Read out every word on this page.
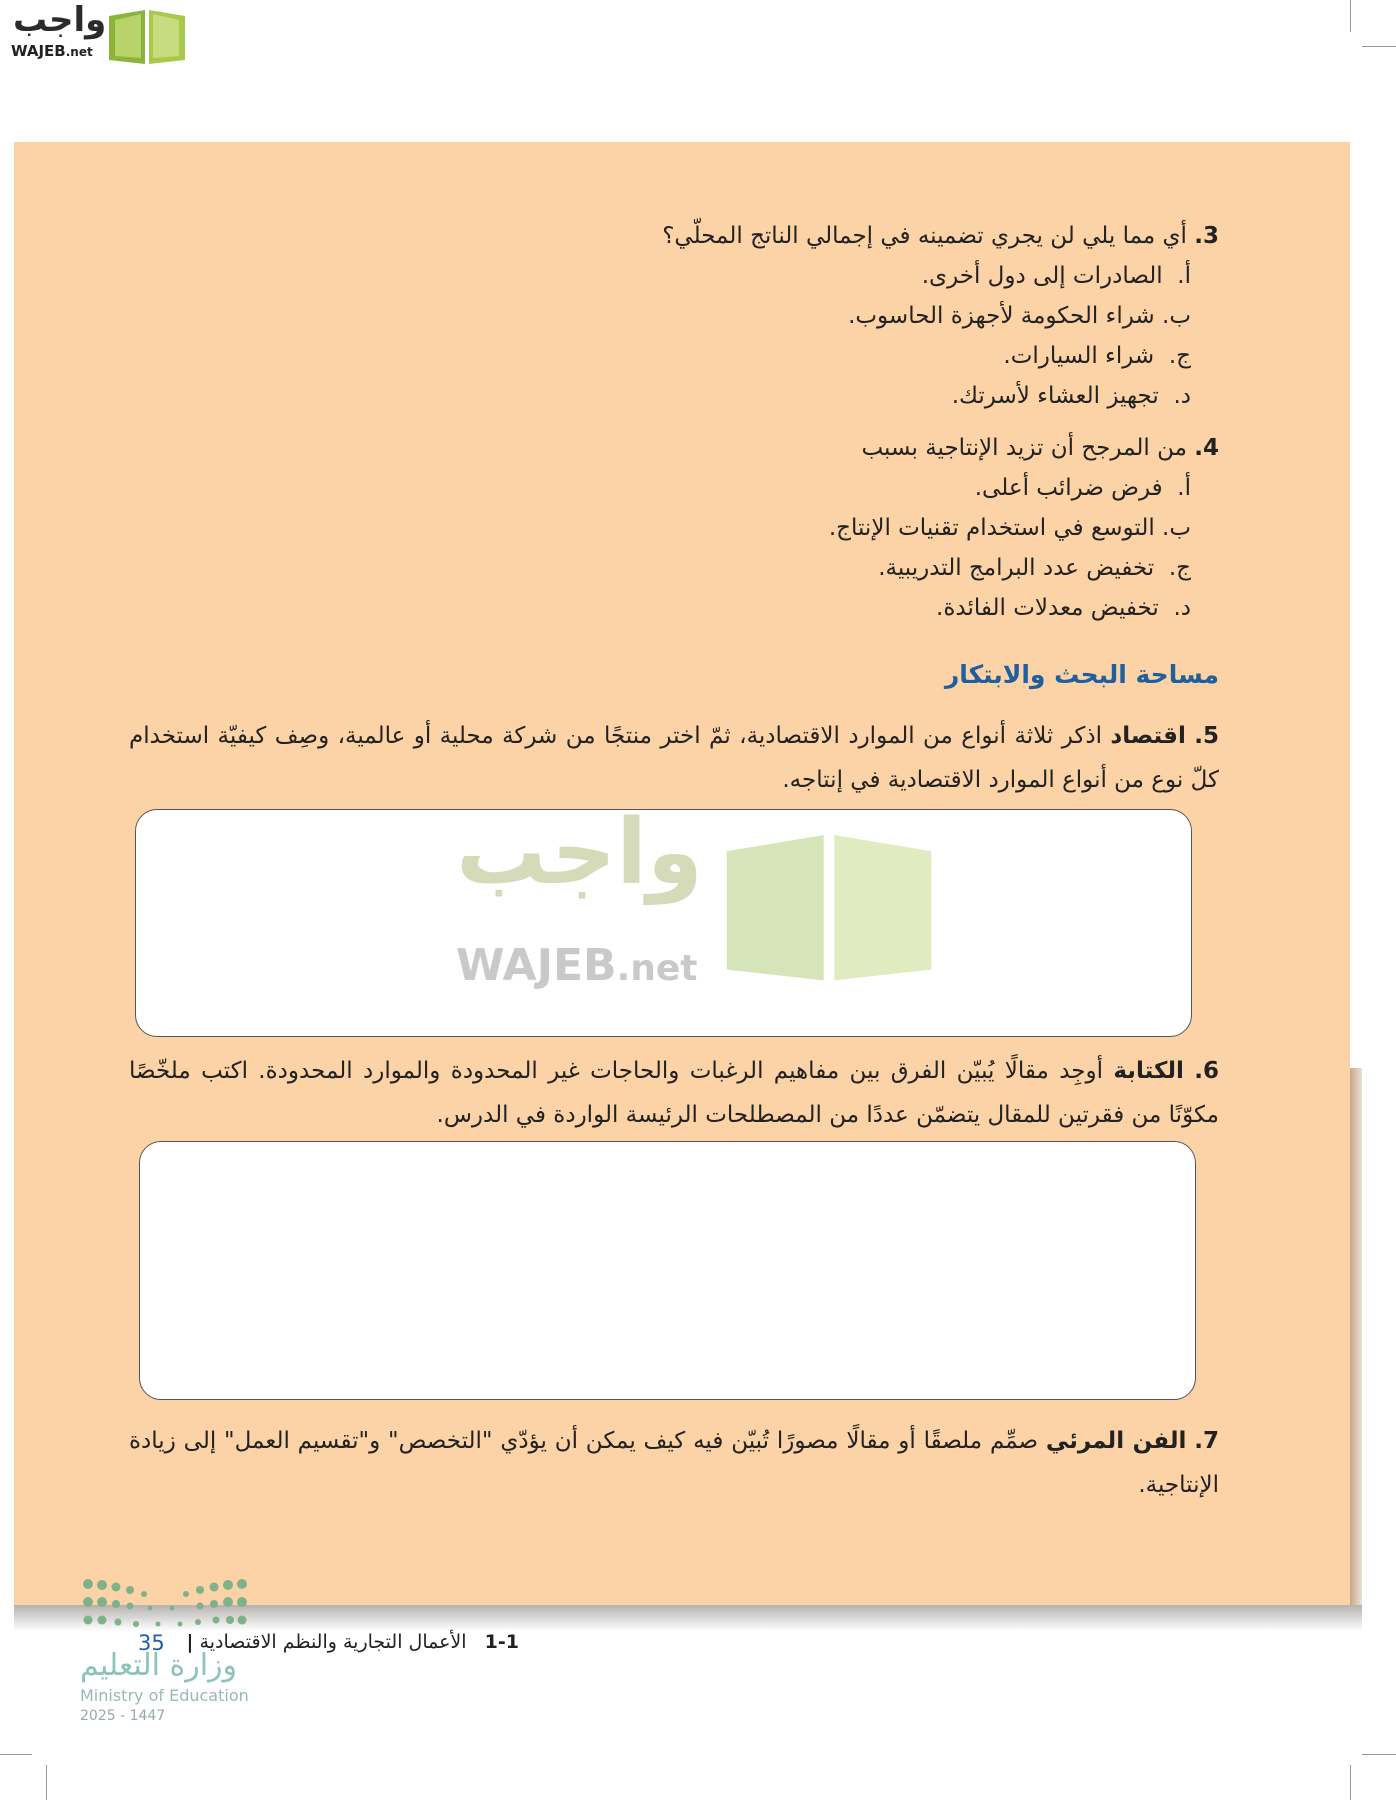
واجب
WAJEB.net
3. أي مما يلي لن يجري تضمينه في إجمالي الناتج المحلّي؟
أ.  الصادرات إلى دول أخرى.
ب. شراء الحكومة لأجهزة الحاسوب.
ج.  شراء السيارات.
د.  تجهيز العشاء لأسرتك.
4. من المرجح أن تزيد الإنتاجية بسبب
أ.  فرض ضرائب أعلى.
ب. التوسع في استخدام تقنيات الإنتاج.
ج.  تخفيض عدد البرامج التدريبية.
د.  تخفيض معدلات الفائدة.
مساحة البحث والابتكار
5. اقتصاد اذكر ثلاثة أنواع من الموارد الاقتصادية، ثمّ اختر منتجًا من شركة محلية أو عالمية، وصِف كيفيّة استخدام كلّ نوع من أنواع الموارد الاقتصادية في إنتاجه.
واجب
WAJEB.net
6. الكتابة أوجِد مقالًا يُبيّن الفرق بين مفاهيم الرغبات والحاجات غير المحدودة والموارد المحدودة. اكتب ملخّصًا مكوّنًا من فقرتين للمقال يتضمّن عددًا من المصطلحات الرئيسة الواردة في الدرس.
7. الفن المرئي صمِّم ملصقًا أو مقالًا مصورًا تُبيّن فيه كيف يمكن أن يؤدّي "التخصص" و"تقسيم العمل" إلى زيادة الإنتاجية.
وزارة التعليم
Ministry of Education
2025 - 1447
35	1-1   الأعمال التجارية والنظم الاقتصادية |
